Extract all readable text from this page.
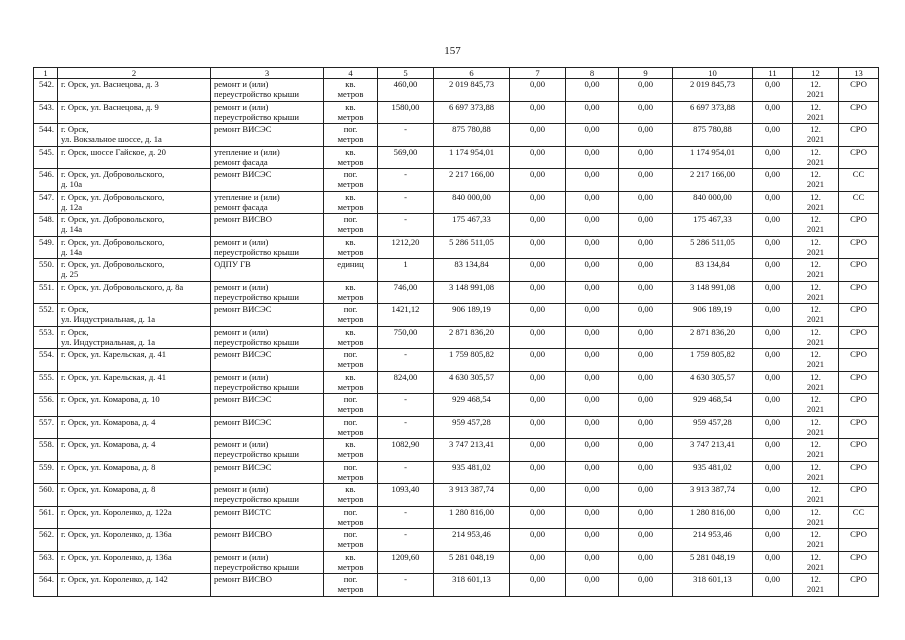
157
1	2	3	4	5	6	7	8	9	10	11	12	13

542.	г. Орск, ул. Васнецова, д. 3	ремонт и (или)
переустройство крыши	кв.
метров	460,00	2 019 845,73	0,00	0,00	0,00	2 019 845,73	0,00	12.
2021	СРО

543.	г. Орск, ул. Васнецова, д. 9	ремонт и (или)
переустройство крыши	кв.
метров	1580,00	6 697 373,88	0,00	0,00	0,00	6 697 373,88	0,00	12.
2021	СРО

544.	г. Орск,
ул. Вокзальное шоссе, д. 1а	ремонт ВИСЭС	пог.
метров	-	875 780,88	0,00	0,00	0,00	875 780,88	0,00	12.
2021	СРО

545.	г. Орск, шоссе Гайское, д. 20	утепление и (или)
ремонт фасада	кв.
метров	569,00	1 174 954,01	0,00	0,00	0,00	1 174 954,01	0,00	12.
2021	СРО

546.	г. Орск, ул. Добровольского,
д. 10а	ремонт ВИСЭС	пог.
метров	-	2 217 166,00	0,00	0,00	0,00	2 217 166,00	0,00	12.
2021	СС

547.	г. Орск, ул. Добровольского,
д. 12а	утепление и (или)
ремонт фасада	кв.
метров	-	840 000,00	0,00	0,00	0,00	840 000,00	0,00	12.
2021	СС

548.	г. Орск, ул. Добровольского,
д. 14а	ремонт ВИСВО	пог.
метров	-	175 467,33	0,00	0,00	0,00	175 467,33	0,00	12.
2021	СРО

549.	г. Орск, ул. Добровольского,
д. 14а	ремонт и (или)
переустройство крыши	кв.
метров	1212,20	5 286 511,05	0,00	0,00	0,00	5 286 511,05	0,00	12.
2021	СРО

550.	г. Орск, ул. Добровольского,
д. 25	ОДПУ ГВ	единиц	1	83 134,84	0,00	0,00	0,00	83 134,84	0,00	12.
2021	СРО

551.	г. Орск, ул. Добровольского, д. 8а	ремонт и (или)
переустройство крыши	кв.
метров	746,00	3 148 991,08	0,00	0,00	0,00	3 148 991,08	0,00	12.
2021	СРО

552.	г. Орск,
ул. Индустриальная, д. 1а	ремонт ВИСЭС	пог.
метров	1421,12	906 189,19	0,00	0,00	0,00	906 189,19	0,00	12.
2021	СРО

553.	г. Орск,
ул. Индустриальная, д. 1а	ремонт и (или)
переустройство крыши	кв.
метров	750,00	2 871 836,20	0,00	0,00	0,00	2 871 836,20	0,00	12.
2021	СРО

554.	г. Орск, ул. Карельская, д. 41	ремонт ВИСЭС	пог.
метров	-	1 759 805,82	0,00	0,00	0,00	1 759 805,82	0,00	12.
2021	СРО

555.	г. Орск, ул. Карельская, д. 41	ремонт и (или)
переустройство крыши	кв.
метров	824,00	4 630 305,57	0,00	0,00	0,00	4 630 305,57	0,00	12.
2021	СРО

556.	г. Орск, ул. Комарова, д. 10	ремонт ВИСЭС	пог.
метров	-	929 468,54	0,00	0,00	0,00	929 468,54	0,00	12.
2021	СРО

557.	г. Орск, ул. Комарова, д. 4	ремонт ВИСЭС	пог.
метров	-	959 457,28	0,00	0,00	0,00	959 457,28	0,00	12.
2021	СРО

558.	г. Орск, ул. Комарова, д. 4	ремонт и (или)
переустройство крыши	кв.
метров	1082,90	3 747 213,41	0,00	0,00	0,00	3 747 213,41	0,00	12.
2021	СРО

559.	г. Орск, ул. Комарова, д. 8	ремонт ВИСЭС	пог.
метров	-	935 481,02	0,00	0,00	0,00	935 481,02	0,00	12.
2021	СРО

560.	г. Орск, ул. Комарова, д. 8	ремонт и (или)
переустройство крыши	кв.
метров	1093,40	3 913 387,74	0,00	0,00	0,00	3 913 387,74	0,00	12.
2021	СРО

561.	г. Орск, ул. Короленко, д. 122а	ремонт ВИСТС	пог.
метров	-	1 280 816,00	0,00	0,00	0,00	1 280 816,00	0,00	12.
2021	СС

562.	г. Орск, ул. Короленко, д. 136а	ремонт ВИСВО	пог.
метров	-	214 953,46	0,00	0,00	0,00	214 953,46	0,00	12.
2021	СРО

563.	г. Орск, ул. Короленко, д. 136а	ремонт и (или)
переустройство крыши	кв.
метров	1209,60	5 281 048,19	0,00	0,00	0,00	5 281 048,19	0,00	12.
2021	СРО

564.	г. Орск, ул. Короленко, д. 142	ремонт ВИСВО	пог.
метров	-	318 601,13	0,00	0,00	0,00	318 601,13	0,00	12.
2021	СРО
